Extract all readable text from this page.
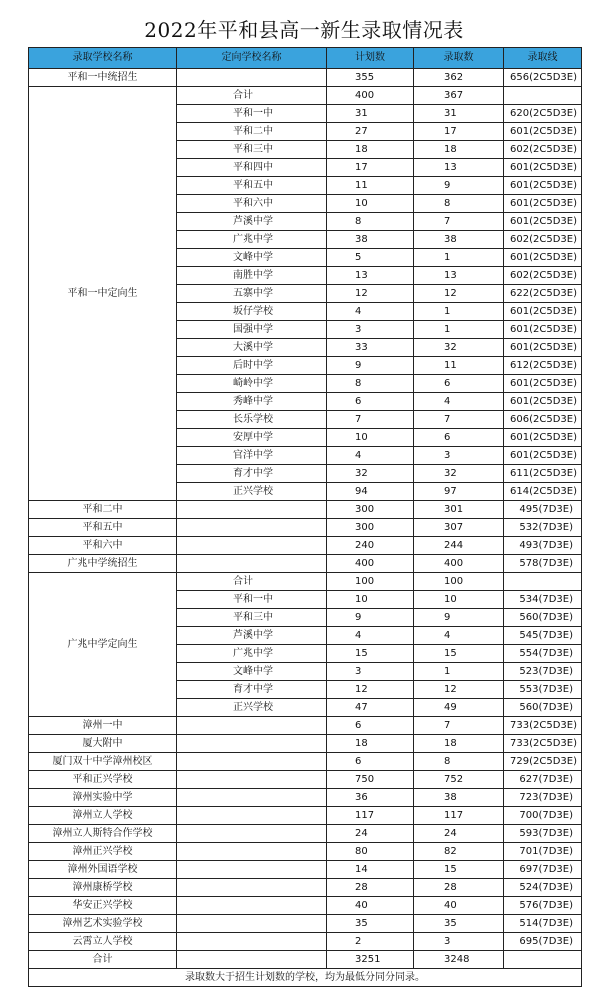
2022年平和县高一新生录取情况表
录取学校名称	定向学校名称	计划数	录取数	录取线
平和一中统招生		355	362	656(2C5D3E)
平和一中定向生	合计	400	367	
	平和一中	31	31	620(2C5D3E)
	平和二中	27	17	601(2C5D3E)
	平和三中	18	18	602(2C5D3E)
	平和四中	17	13	601(2C5D3E)
	平和五中	11	9	601(2C5D3E)
	平和六中	10	8	601(2C5D3E)
	芦溪中学	8	7	601(2C5D3E)
	广兆中学	38	38	602(2C5D3E)
	文峰中学	5	1	601(2C5D3E)
	南胜中学	13	13	602(2C5D3E)
	五寨中学	12	12	622(2C5D3E)
	坂仔学校	4	1	601(2C5D3E)
	国强中学	3	1	601(2C5D3E)
	大溪中学	33	32	601(2C5D3E)
	后时中学	9	11	612(2C5D3E)
	崎岭中学	8	6	601(2C5D3E)
	秀峰中学	6	4	601(2C5D3E)
	长乐学校	7	7	606(2C5D3E)
	安厚中学	10	6	601(2C5D3E)
	官洋中学	4	3	601(2C5D3E)
	育才中学	32	32	611(2C5D3E)
	正兴学校	94	97	614(2C5D3E)
平和二中		300	301	495(7D3E)
平和五中		300	307	532(7D3E)
平和六中		240	244	493(7D3E)
广兆中学统招生		400	400	578(7D3E)
广兆中学定向生	合计	100	100	
	平和一中	10	10	534(7D3E)
	平和三中	9	9	560(7D3E)
	芦溪中学	4	4	545(7D3E)
	广兆中学	15	15	554(7D3E)
	文峰中学	3	1	523(7D3E)
	育才中学	12	12	553(7D3E)
	正兴学校	47	49	560(7D3E)
漳州一中		6	7	733(2C5D3E)
厦大附中		18	18	733(2C5D3E)
厦门双十中学漳州校区		6	8	729(2C5D3E)
平和正兴学校		750	752	627(7D3E)
漳州实验中学		36	38	723(7D3E)
漳州立人学校		117	117	700(7D3E)
漳州立人斯特合作学校		24	24	593(7D3E)
漳州正兴学校		80	82	701(7D3E)
漳州外国语学校		14	15	697(7D3E)
漳州康桥学校		28	28	524(7D3E)
华安正兴学校		40	40	576(7D3E)
漳州艺术实验学校		35	35	514(7D3E)
云霄立人学校		2	3	695(7D3E)
合计		3251	3248	
录取数大于招生计划数的学校，均为最低分同分同录。				
